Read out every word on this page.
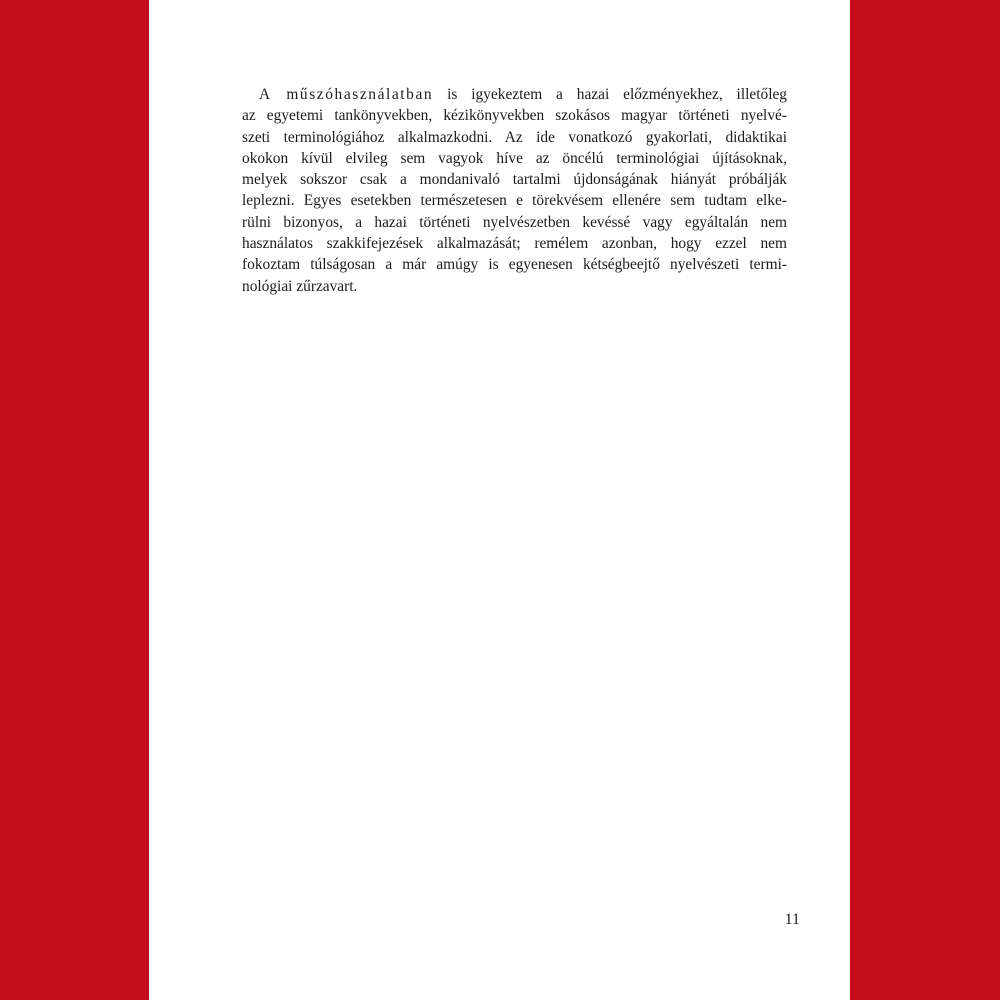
A műszóhasználatban is igyekeztem a hazai előzményekhez, illetőleg
az egyetemi tankönyvekben, kézikönyvekben szokásos magyar történeti nyelvé-
szeti terminológiához alkalmazkodni. Az ide vonatkozó gyakorlati, didaktikai
okokon kívül elvileg sem vagyok híve az öncélú terminológiai újításoknak,
melyek sokszor csak a mondanivaló tartalmi újdonságának hiányát próbálják
leplezni. Egyes esetekben természetesen e törekvésem ellenére sem tudtam elke-
rülni bizonyos, a hazai történeti nyelvészetben kevéssé vagy egyáltalán nem
használatos szakkifejezések alkalmazását; remélem azonban, hogy ezzel nem
fokoztam túlságosan a már amúgy is egyenesen kétségbeejtő nyelvészeti termi-
nológiai zűrzavart.
11
